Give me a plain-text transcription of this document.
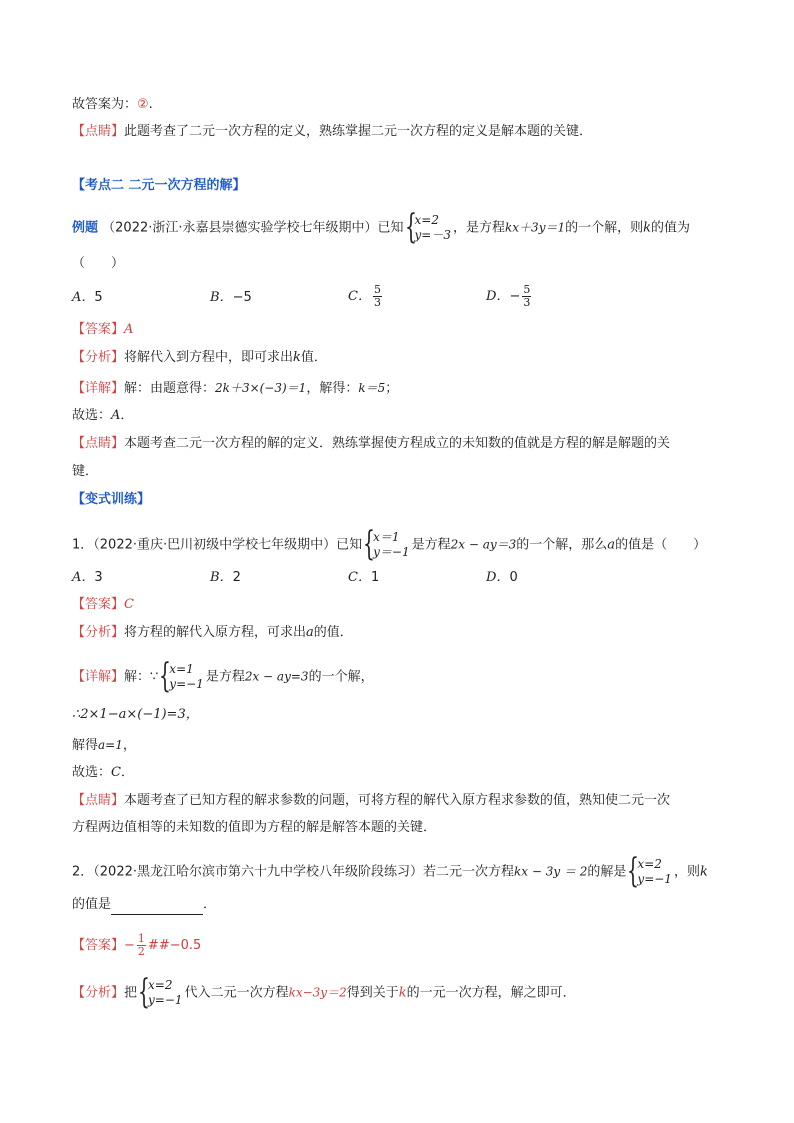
故答案为：②.
【点睛】此题考查了二元一次方程的定义，熟练掌握二元一次方程的定义是解本题的关键．
【考点二 二元一次方程的解】
例题 （2022·浙江·永嘉县崇德实验学校七年级期中）已知 {
x=2
y=－3 ，是方程kx＋3y＝1的一个解，则k的值为
（　　）
A．5	B．−5	C． $\frac{5}{3}$	D．− $\frac{5}{3}$
【答案】A
【分析】将解代入到方程中，即可求出k值．
【详解】解：由题意得：2k＋3×(−3)＝1，解得：k＝5；
故选：A．
【点睛】本题考查二元一次方程的解的定义．熟练掌握使方程成立的未知数的值就是方程的解是解题的关
键．
【变式训练】
1．（2022·重庆·巴川初级中学校七年级期中）已知 {
x＝1
y＝−1 是方程2x − ay＝3的一个解，那么a的值是（　　）
A．3	B．2	C．1	D．0
【答案】C
【分析】将方程的解代入原方程，可求出a的值．
【详解】解：∵ {
x=1
y=−1 是方程2x − ay=3的一个解，
∴2×1−a×(−1)=3，
解得a=1，
故选：C．
【点睛】本题考查了已知方程的解求参数的问题，可将方程的解代入原方程求参数的值，熟知使二元一次
方程两边值相等的未知数的值即为方程的解是解答本题的关键．
2．（2022·黑龙江哈尔滨市第六十九中学校八年级阶段练习）若二元一次方程kx − 3y ＝ 2的解是 {
x=2
y=−1 ，则k
的值是	．
【答案】− $\frac{1}{2}$ ##−0.5
【分析】把 {
x=2
y=−1 代入二元一次方程kx−3y＝2得到关于k的一元一次方程，解之即可．
